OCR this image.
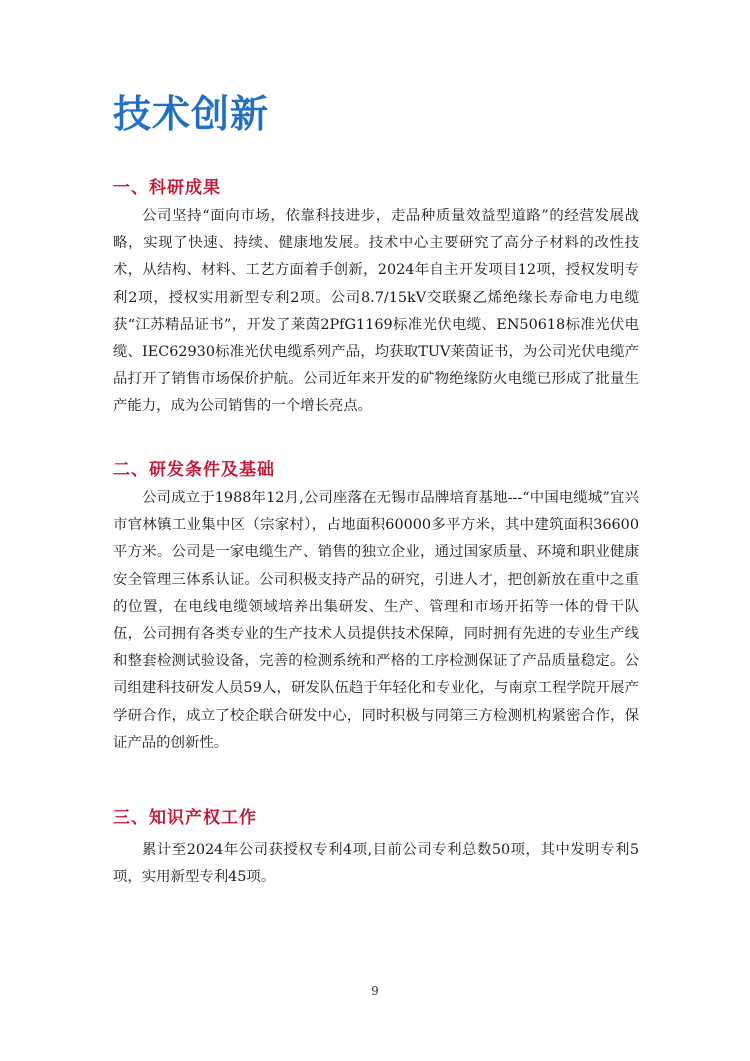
技术创新
一、科研成果

公司坚持“面向市场，依靠科技进步，走品种质量效益型道路”的经营发展战略，实现了快速、持续、健康地发展。技术中心主要研究了高分子材料的改性技术，从结构、材料、工艺方面着手创新，2024年自主开发项目12项，授权发明专利2项，授权实用新型专利2项。公司8.7/15kV交联聚乙烯绝缘长寿命电力电缆获“江苏精品证书”，开发了莱茵2PfG1169标准光伏电缆、EN50618标准光伏电缆、IEC62930标准光伏电缆系列产品，均获取TUV莱茵证书，为公司光伏电缆产品打开了销售市场保价护航。公司近年来开发的矿物绝缘防火电缆已形成了批量生产能力，成为公司销售的一个增长亮点。

二、研发条件及基础

公司成立于1988年12月,公司座落在无锡市品牌培育基地---“中国电缆城”宜兴市官林镇工业集中区（宗家村），占地面积60000多平方米，其中建筑面积36600平方米。公司是一家电缆生产、销售的独立企业，通过国家质量、环境和职业健康安全管理三体系认证。公司积极支持产品的研究，引进人才，把创新放在重中之重的位置，在电线电缆领域培养出集研发、生产、管理和市场开拓等一体的骨干队伍，公司拥有各类专业的生产技术人员提供技术保障，同时拥有先进的专业生产线和整套检测试验设备，完善的检测系统和严格的工序检测保证了产品质量稳定。公司组建科技研发人员59人，研发队伍趋于年轻化和专业化，与南京工程学院开展产学研合作，成立了校企联合研发中心，同时积极与同第三方检测机构紧密合作，保证产品的创新性。

三、知识产权工作

累计至2024年公司获授权专利4项,目前公司专利总数50项，其中发明专利5项，实用新型专利45项。

9
